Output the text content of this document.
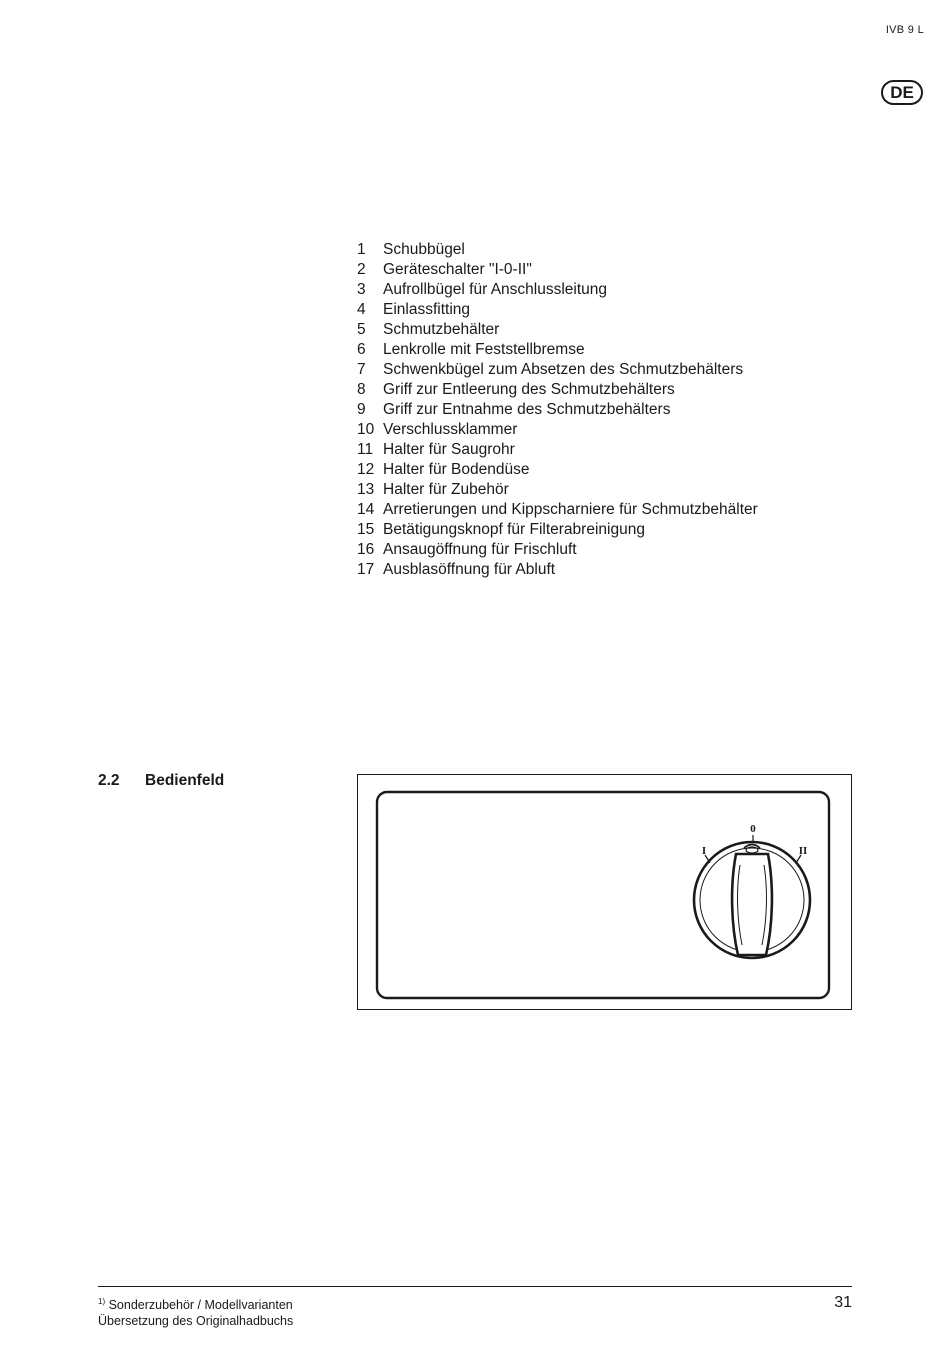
IVB 9 L
DE
1	Schubbügel
2	Geräteschalter "I-0-II"
3	Aufrollbügel für Anschlussleitung
4	Einlassfitting
5	Schmutzbehälter
6	Lenkrolle mit Feststellbremse
7	Schwenkbügel zum Absetzen des Schmutzbehälters
8	Griff zur Entleerung des Schmutzbehälters
9	Griff zur Entnahme des Schmutzbehälters
10 Verschlussklammer
11 Halter für Saugrohr
12 Halter für Bodendüse
13 Halter für Zubehör
14 Arretierungen und Kippscharniere für Schmutzbehälter
15 Betätigungsknopf für Filterabreinigung
16 Ansaugöffnung für Frischluft
17 Ausblasöffnung für Abluft
2.2 Bedienfeld
I
0
II
$^{1)}$ Sonderzubehör / Modellvarianten
Übersetzung des Originalhadbuchs
31
